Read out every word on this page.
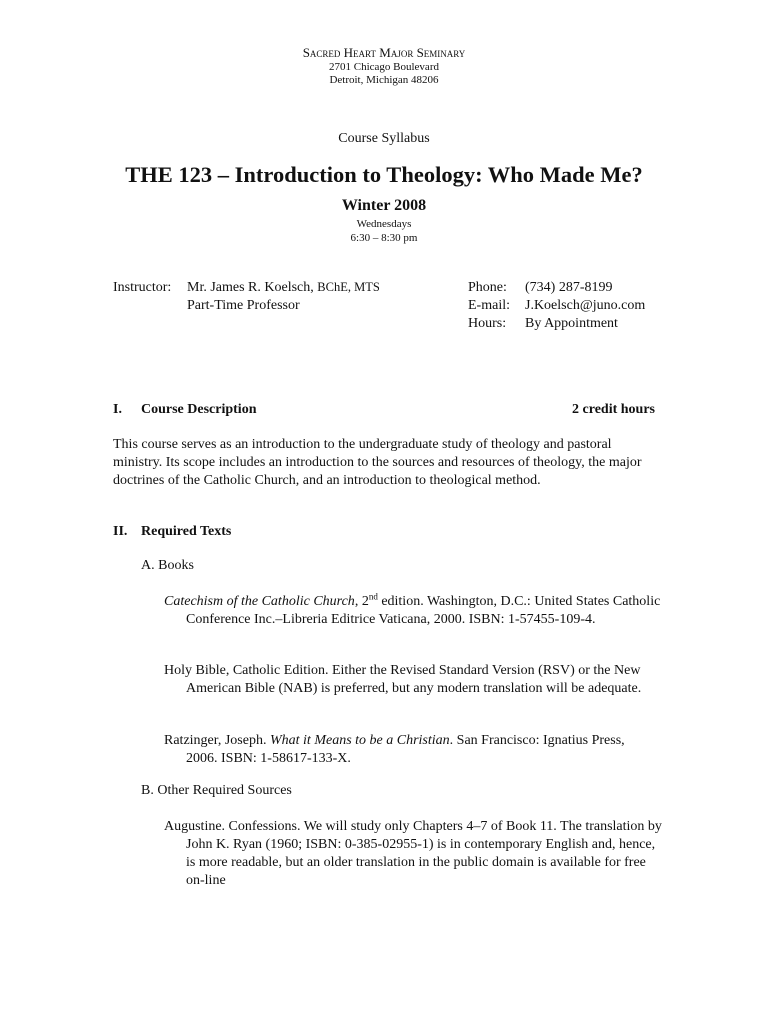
Sacred Heart Major Seminary
2701 Chicago Boulevard
Detroit, Michigan 48206
Course Syllabus
THE 123 – Introduction to Theology: Who Made Me?
Winter 2008
Wednesdays
6:30 – 8:30 pm
Instructor: Mr. James R. Koelsch, BChE, MTS
Part-Time Professor
Phone: (734) 287-8199
E-mail: J.Koelsch@juno.com
Hours: By Appointment
I. Course Description	2 credit hours
This course serves as an introduction to the undergraduate study of theology and pastoral ministry. Its scope includes an introduction to the sources and resources of theology, the major doctrines of the Catholic Church, and an introduction to theological method.
II. Required Texts
A. Books
Catechism of the Catholic Church, 2nd edition. Washington, D.C.: United States Catholic Conference Inc.–Libreria Editrice Vaticana, 2000. ISBN: 1-57455-109-4.
Holy Bible, Catholic Edition. Either the Revised Standard Version (RSV) or the New American Bible (NAB) is preferred, but any modern translation will be adequate.
Ratzinger, Joseph. What it Means to be a Christian. San Francisco: Ignatius Press, 2006. ISBN: 1-58617-133-X.
B. Other Required Sources
Augustine. Confessions. We will study only Chapters 4–7 of Book 11. The translation by John K. Ryan (1960; ISBN: 0-385-02955-1) is in contemporary English and, hence, is more readable, but an older translation in the public domain is available for free on-line
